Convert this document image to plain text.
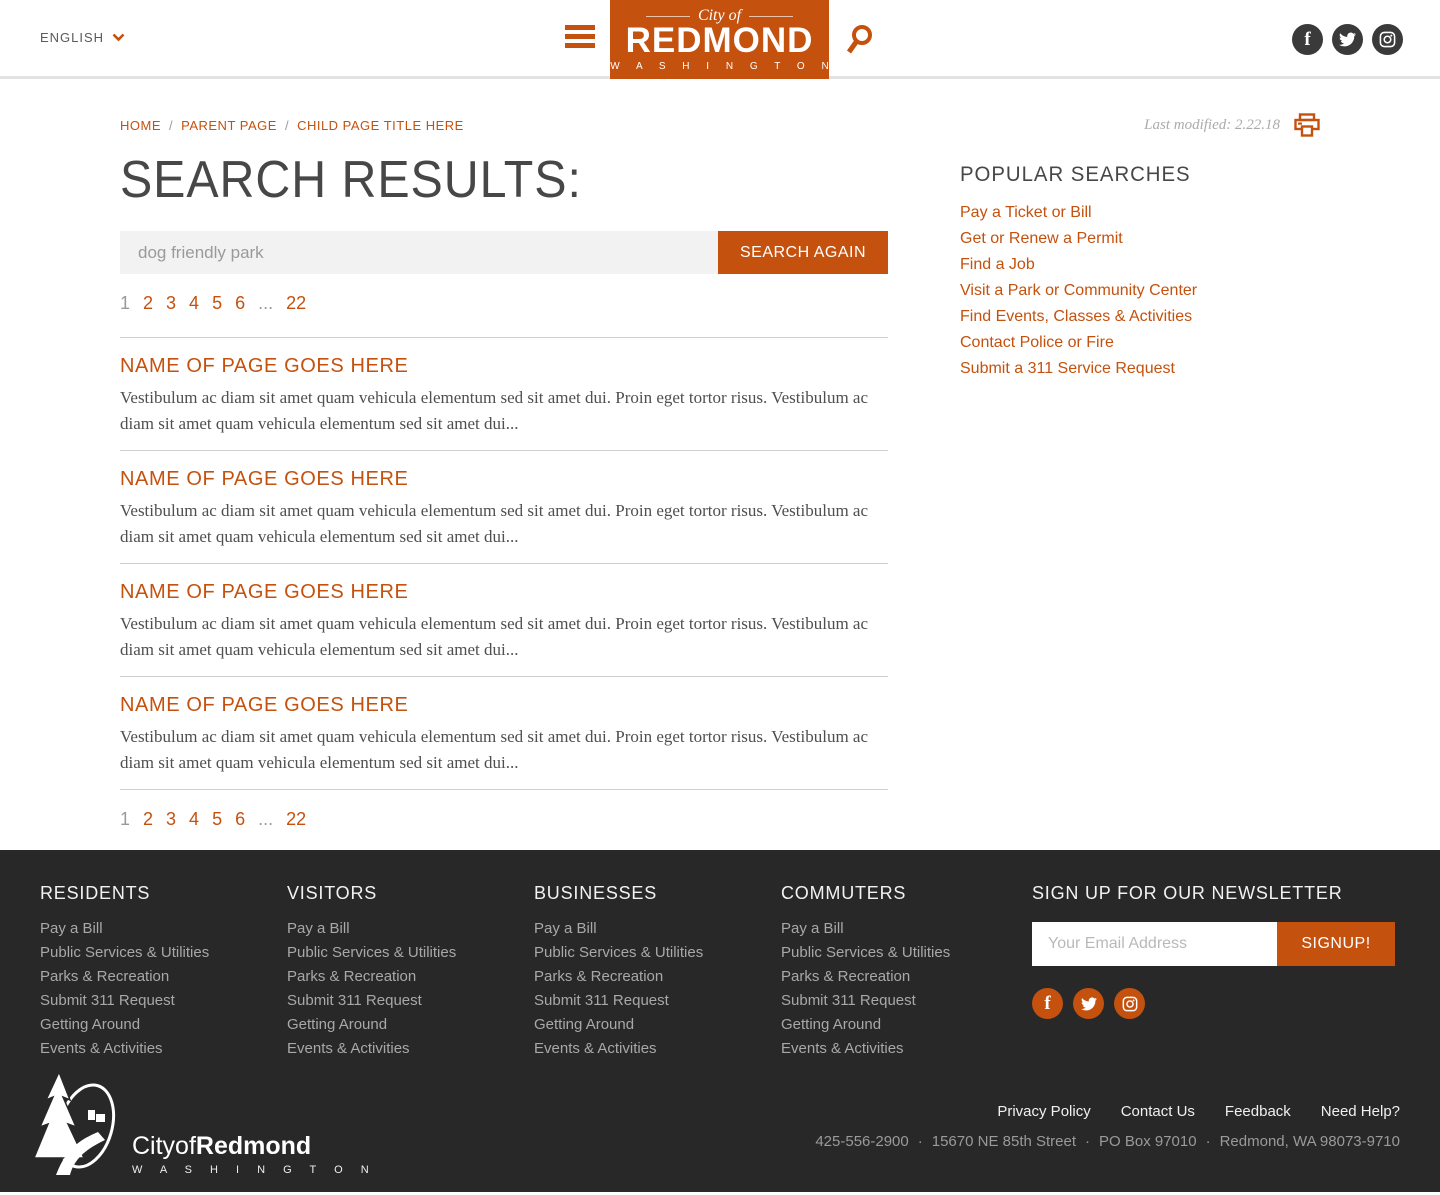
ENGLISH
City of
REDMOND
W A S H I N G T O N
f
HOME / PARENT PAGE / CHILD PAGE TITLE HERE	Last modified: 2.22.18
SEARCH RESULTS:
dog friendly park
SEARCH AGAIN
1 2 3 4 5 6 ... 22
NAME OF PAGE GOES HERE

Vestibulum ac diam sit amet quam vehicula elementum sed sit amet dui. Proin eget tortor risus. Vestibulum ac diam sit amet quam vehicula elementum sed sit amet dui...

NAME OF PAGE GOES HERE

Vestibulum ac diam sit amet quam vehicula elementum sed sit amet dui. Proin eget tortor risus. Vestibulum ac diam sit amet quam vehicula elementum sed sit amet dui...

NAME OF PAGE GOES HERE

Vestibulum ac diam sit amet quam vehicula elementum sed sit amet dui. Proin eget tortor risus. Vestibulum ac diam sit amet quam vehicula elementum sed sit amet dui...

NAME OF PAGE GOES HERE

Vestibulum ac diam sit amet quam vehicula elementum sed sit amet dui. Proin eget tortor risus. Vestibulum ac diam sit amet quam vehicula elementum sed sit amet dui...

1 2 3 4 5 6 ... 22
POPULAR SEARCHES
Pay a Ticket or Bill
Get or Renew a Permit
Find a Job
Visit a Park or Community Center
Find Events, Classes & Activities
Contact Police or Fire
Submit a 311 Service Request
RESIDENTS
Pay a Bill
Public Services & Utilities
Parks & Recreation
Submit 311 Request
Getting Around
Events & Activities
VISITORS
Pay a Bill
Public Services & Utilities
Parks & Recreation
Submit 311 Request
Getting Around
Events & Activities
BUSINESSES
Pay a Bill
Public Services & Utilities
Parks & Recreation
Submit 311 Request
Getting Around
Events & Activities
COMMUTERS
Pay a Bill
Public Services & Utilities
Parks & Recreation
Submit 311 Request
Getting Around
Events & Activities
SIGN UP FOR OUR NEWSLETTER
Your Email Address
SIGNUP!
f
CityofRedmond
W A S H I N G T O N
Privacy Policy Contact Us Feedback Need Help?
425-556-2900 · 15670 NE 85th Street · PO Box 97010 · Redmond, WA 98073-9710
